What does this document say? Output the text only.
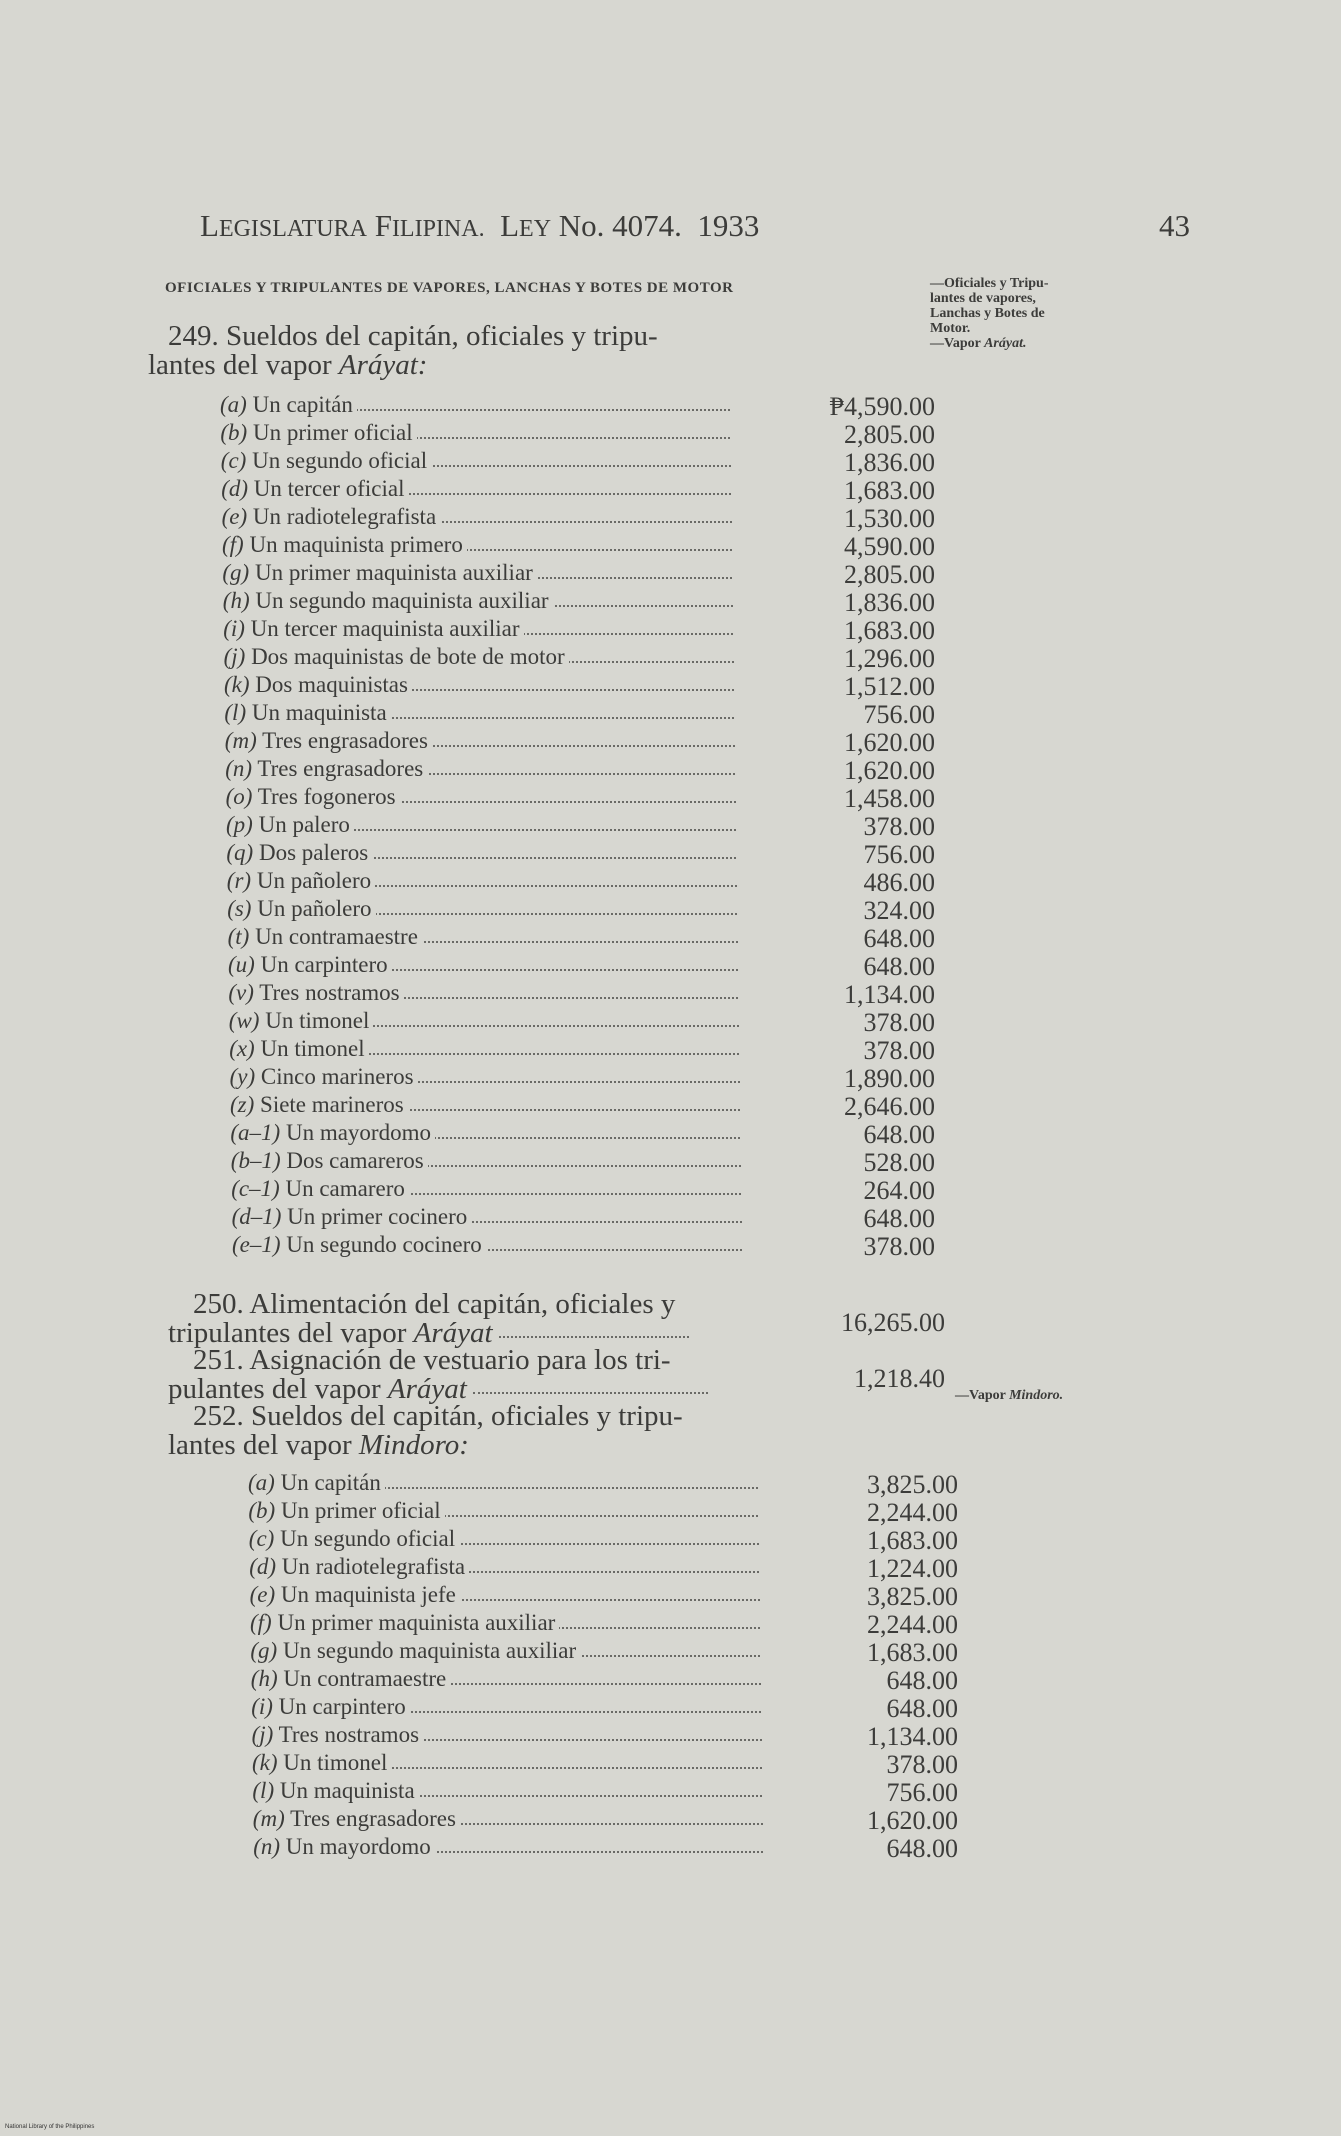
LEGISLATURA FILIPINA. LEY No. 4074. 1933	43
OFICIALES Y TRIPULANTES DE VAPORES, LANCHAS Y BOTES DE MOTOR	—Oficiales y Tripu-
lantes de vapores,
Lanchas y Botes de
Motor.
—Vapor Aráyat.
249. Sueldos del capitán, oficiales y tripu-
lantes del vapor Aráyat:
(a) Un capitán	₱4,590.00
(b) Un primer oficial	2,805.00
(c) Un segundo oficial	1,836.00
(d) Un tercer oficial	1,683.00
(e) Un radiotelegrafista	1,530.00
(f) Un maquinista primero	4,590.00
(g) Un primer maquinista auxiliar	2,805.00
(h) Un segundo maquinista auxiliar	1,836.00
(i) Un tercer maquinista auxiliar	1,683.00
(j) Dos maquinistas de bote de motor	1,296.00
(k) Dos maquinistas	1,512.00
(l) Un maquinista	756.00
(m) Tres engrasadores	1,620.00
(n) Tres engrasadores	1,620.00
(o) Tres fogoneros	1,458.00
(p) Un palero	378.00
(q) Dos paleros	756.00
(r) Un pañolero	486.00
(s) Un pañolero	324.00
(t) Un contramaestre	648.00
(u) Un carpintero	648.00
(v) Tres nostramos	1,134.00
(w) Un timonel	378.00
(x) Un timonel	378.00
(y) Cinco marineros	1,890.00
(z) Siete marineros	2,646.00
(a–1) Un mayordomo	648.00
(b–1) Dos camareros	528.00
(c–1) Un camarero	264.00
(d–1) Un primer cocinero	648.00
(e–1) Un segundo cocinero	378.00
250. Alimentación del capitán, oficiales y
tripulantes del vapor Aráyat	16,265.00
251. Asignación de vestuario para los tri-
pulantes del vapor Aráyat	1,218.40
—Vapor Mindoro.
252. Sueldos del capitán, oficiales y tripu-
lantes del vapor Mindoro:
(a) Un capitán	3,825.00
(b) Un primer oficial	2,244.00
(c) Un segundo oficial	1,683.00
(d) Un radiotelegrafista	1,224.00
(e) Un maquinista jefe	3,825.00
(f) Un primer maquinista auxiliar	2,244.00
(g) Un segundo maquinista auxiliar	1,683.00
(h) Un contramaestre	648.00
(i) Un carpintero	648.00
(j) Tres nostramos	1,134.00
(k) Un timonel	378.00
(l) Un maquinista	756.00
(m) Tres engrasadores	1,620.00
(n) Un mayordomo	648.00
National Library of the Philippines
